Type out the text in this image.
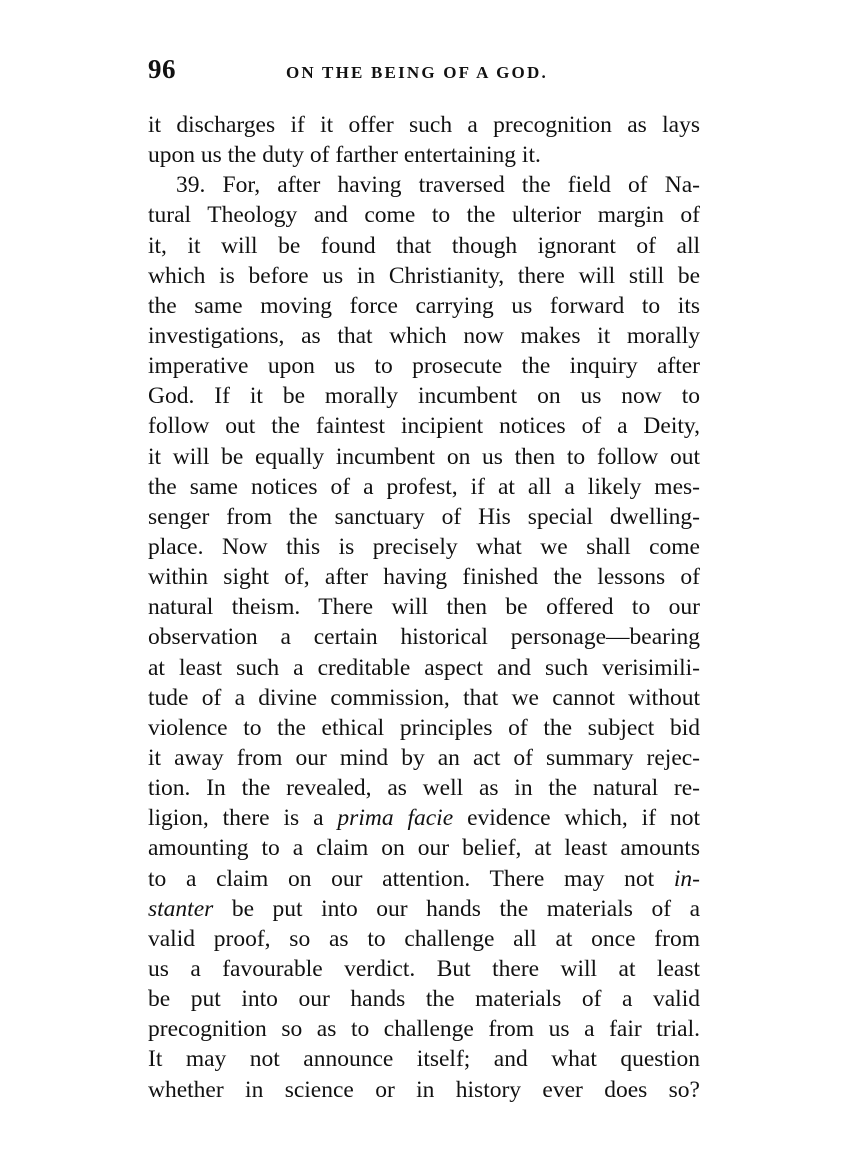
96	ON THE BEING OF A GOD.
it discharges if it offer such a precognition as lays
upon us the duty of farther entertaining it.
39. For, after having traversed the field of Na-
tural Theology and come to the ulterior margin of
it, it will be found that though ignorant of all
which is before us in Christianity, there will still be
the same moving force carrying us forward to its
investigations, as that which now makes it morally
imperative upon us to prosecute the inquiry after
God. If it be morally incumbent on us now to
follow out the faintest incipient notices of a Deity,
it will be equally incumbent on us then to follow out
the same notices of a profest, if at all a likely mes-
senger from the sanctuary of His special dwelling-
place. Now this is precisely what we shall come
within sight of, after having finished the lessons of
natural theism. There will then be offered to our
observation a certain historical personage—bearing
at least such a creditable aspect and such verisimili-
tude of a divine commission, that we cannot without
violence to the ethical principles of the subject bid
it away from our mind by an act of summary rejec-
tion. In the revealed, as well as in the natural re-
ligion, there is a prima facie evidence which, if not
amounting to a claim on our belief, at least amounts
to a claim on our attention. There may not in-
stanter be put into our hands the materials of a
valid proof, so as to challenge all at once from
us a favourable verdict. But there will at least
be put into our hands the materials of a valid
precognition so as to challenge from us a fair trial.
It may not announce itself; and what question
whether in science or in history ever does so?
